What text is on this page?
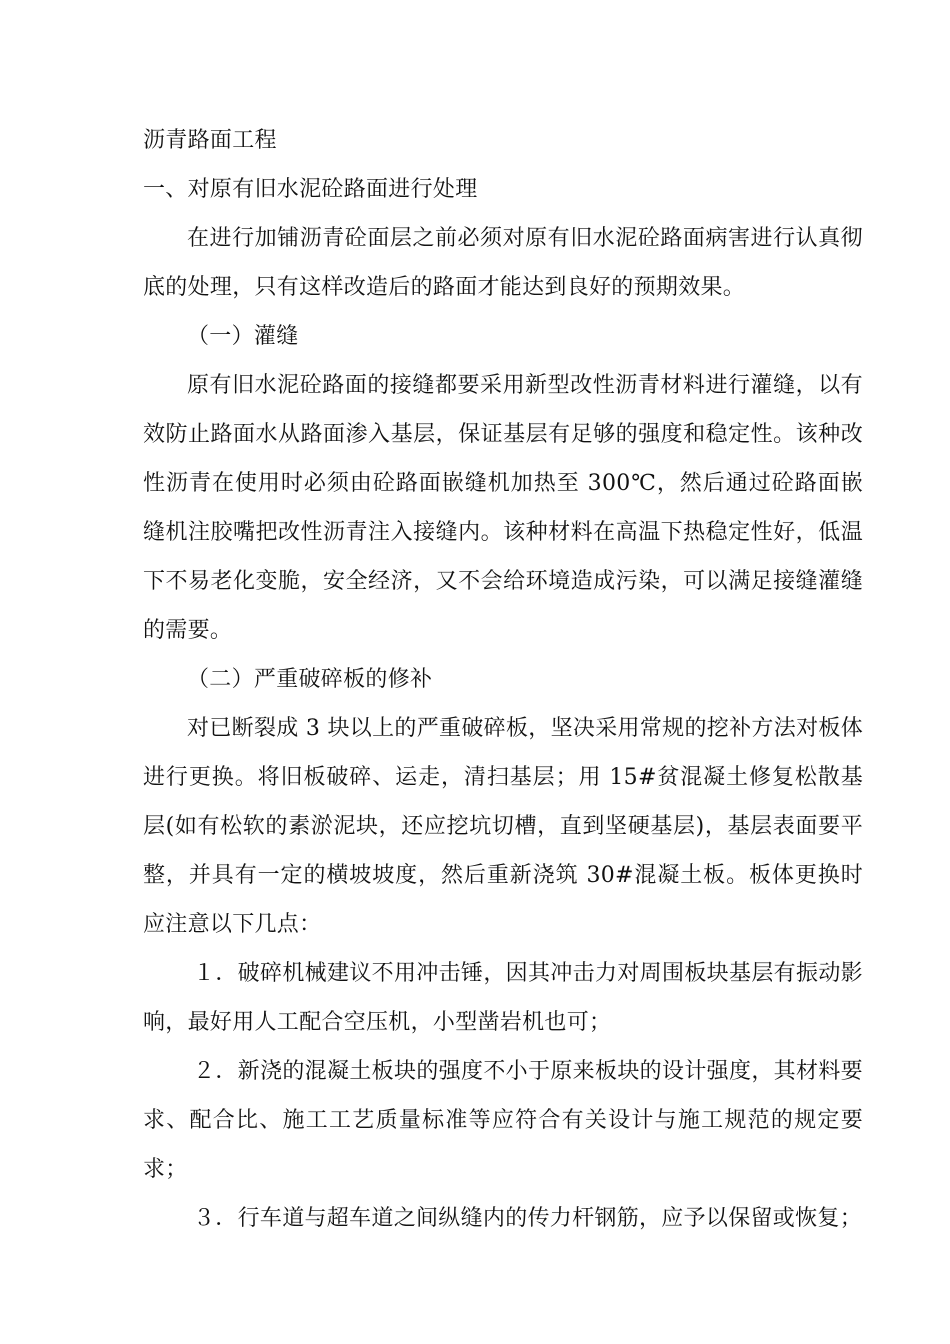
沥青路面工程

一、对原有旧水泥砼路面进行处理

在进行加铺沥青砼面层之前必须对原有旧水泥砼路面病害进行认真彻底的处理，只有这样改造后的路面才能达到良好的预期效果。

（一）灌缝

原有旧水泥砼路面的接缝都要采用新型改性沥青材料进行灌缝，以有效防止路面水从路面渗入基层，保证基层有足够的强度和稳定性。该种改性沥青在使用时必须由砼路面嵌缝机加热至 300℃，然后通过砼路面嵌缝机注胶嘴把改性沥青注入接缝内。该种材料在高温下热稳定性好，低温下不易老化变脆，安全经济，又不会给环境造成污染，可以满足接缝灌缝的需要。

（二）严重破碎板的修补

对已断裂成 3 块以上的严重破碎板，坚决采用常规的挖补方法对板体进行更换。将旧板破碎、运走，清扫基层；用 15#贫混凝土修复松散基层(如有松软的素淤泥块，还应挖坑切槽，直到坚硬基层)，基层表面要平整，并具有一定的横坡坡度，然后重新浇筑 30#混凝土板。板体更换时应注意以下几点：

１．破碎机械建议不用冲击锤，因其冲击力对周围板块基层有振动影响，最好用人工配合空压机，小型凿岩机也可；

２．新浇的混凝土板块的强度不小于原来板块的设计强度，其材料要求、配合比、施工工艺质量标准等应符合有关设计与施工规范的规定要求；

３．行车道与超车道之间纵缝内的传力杆钢筋，应予以保留或恢复；
